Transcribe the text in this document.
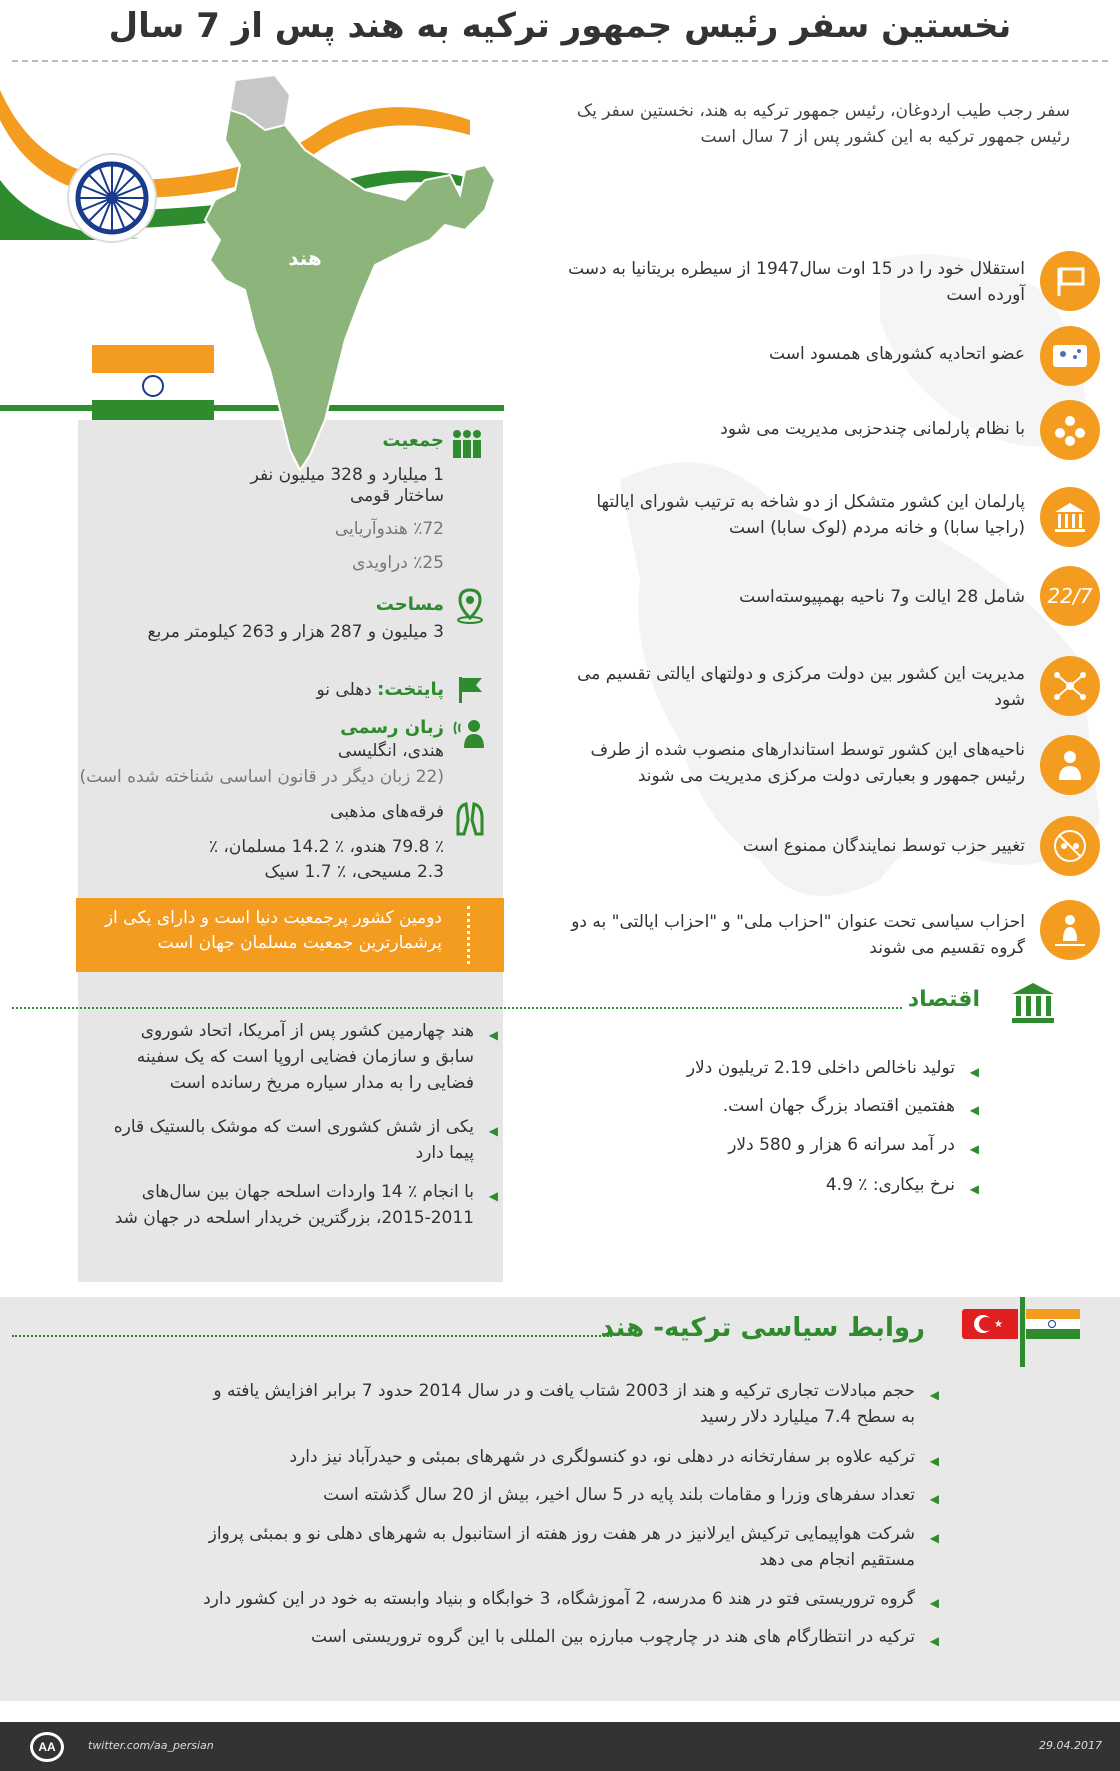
هند
نخستین سفر رئیس جمهور ترکیه به هند پس از 7 سال
سفر رجب طیب اردوغان، رئیس جمهور ترکیه به هند، نخستین سفر یک رئیس جمهور ترکیه به این کشور پس از 7 سال است
استقلال خود را در 15 اوت سال1947 از سیطره بریتانیا به دست آورده است
عضو اتحادیه کشورهای همسود است
با نظام پارلمانی چندحزبی مدیریت می شود
پارلمان این کشور متشکل از دو شاخه به ترتیب شورای ایالتها (راجیا سابا) و خانه مردم (لوک سابا) است
22/7
شامل 28 ایالت و7 ناحیه بهمپیوسته‌است
مدیریت این کشور بین دولت مرکزی و دولتهای ایالتی تقسیم می شود
ناحیه‌های این کشور توسط استاندارهای منصوب شده از طرف رئیس جمهور و بعبارتی دولت مرکزی مدیریت می شوند
تغییر حزب توسط نمایندگان ممنوع است
احزاب سیاسی تحت عنوان "احزاب ملی" و "احزاب ایالتی" به دو گروه تقسیم می شوند
جمعیت
1 میلیارد و 328 میلیون نفر
ساختار قومی
٪72 هندوآریایی
٪25 دراویدی
مساحت
3 میلیون و 287 هزار و 263 کیلومتر مربع
پایتخت: دهلی نو
زبان رسمی
هندی، انگلیسی
(22 زبان دیگر در قانون اساسی شناخته شده است)
فرقه‌های مذهبی
٪ 79.8 هندو، ٪ 14.2 مسلمان، ٪
2.3 مسیحی، ٪ 1.7 سیک
دومین کشور پرجمعیت دنیا است و دارای یکی از پرشمارترین جمعیت مسلمان جهان است
اقتصاد
◀ تولید ناخالص داخلی 2.19 تریلیون دلار
◀ هفتمین اقتصاد بزرگ جهان است.
◀ در آمد سرانه 6 هزار و 580 دلار
◀ نرخ بیکاری: ٪ 4.9
◀ هند چهارمین کشور پس از آمریکا، اتحاد شوروی سابق و سازمان فضایی اروپا است که یک سفینه فضایی را به مدار سیاره مریخ رسانده است
◀ یکی از شش کشوری است که موشک بالستیک قاره پیما دارد
◀ با انجام ٪ 14 واردات اسلحه جهان بین سال‌های 2011-2015، بزرگترین خریدار اسلحه در جهان شد
روابط سیاسی ترکیه- هند	★
◀ حجم مبادلات تجاری ترکیه و هند از 2003 شتاب یافت و در سال 2014 حدود 7 برابر افزایش یافته و به سطح 7.4 میلیارد دلار رسید
◀ ترکیه علاوه بر سفارتخانه در دهلی نو، دو کنسولگری در شهرهای بمبئی و حیدرآباد نیز دارد
◀ تعداد سفرهای وزرا و مقامات بلند پایه در 5 سال اخیر، بیش از 20 سال گذشته است
◀ شرکت هواپیمایی ترکیش ایرلانیز در هر هفت روز هفته از استانبول به شهرهای دهلی نو و بمبئی پرواز مستقیم انجام می دهد
◀ گروه تروریستی فتو در هند 6 مدرسه، 2 آموزشگاه، 3 خوابگاه و بنیاد وابسته به خود در این کشور دارد
◀ ترکیه در انتظارگام های هند در چارچوب مبارزه بین المللی با این گروه تروریستی است
AA	twitter.com/aa_persian	29.04.2017
